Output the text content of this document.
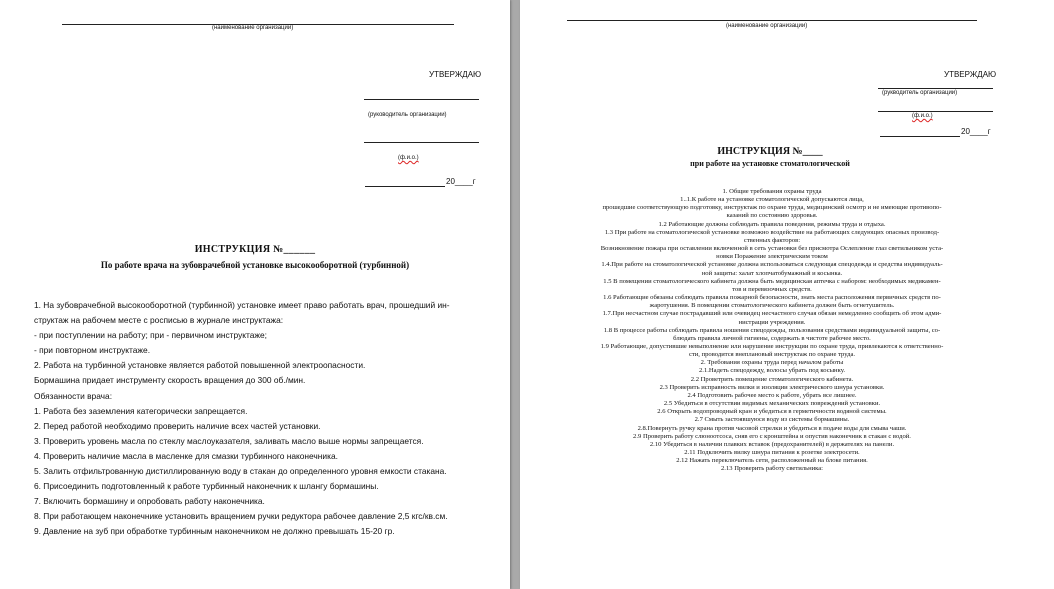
(наименование организации)
УТВЕРЖДАЮ
(руководитель организации)
(ф.и.о.)
20____г
ИНСТРУКЦИЯ №______
По работе врача на зубоврачебной установке высокооборотной (турбинной)
1. На зубоврачебной высокооборотной (турбинной) установке имеет право работать врач, прошедший ин-
структаж на рабочем месте с росписью в журнале инструктажа:
- при поступлении на работу; при - первичном инструктаже;
- при повторном инструктаже.
2. Работа на турбинной установке является работой повышенной электроопасности.
Бормашина придает инструменту скорость вращения до 300 об./мин.
Обязанности врача:
1. Работа без заземления категорически запрещается.
2. Перед работой необходимо проверить наличие всех частей установки.
3. Проверить уровень масла по стеклу маслоуказателя, заливать масло выше нормы запрещается.
4. Проверить наличие масла в масленке для смазки турбинного наконечника.
5. Залить отфильтрованную дистиллированную воду в стакан до определенного уровня емкости стакана.
6. Присоединить подготовленный к работе турбинный наконечник к шлангу бормашины.
7. Включить бормашину и опробовать работу наконечника.
8. При работающем наконечнике установить вращением ручки редуктора рабочее давление 2,5 кгс/кв.см.
9. Давление на зуб при обработке турбинным наконечником не должно превышать 15-20 гр.
(наименование организации)
УТВЕРЖДАЮ
(рукводитель организации)
(ф.и.о.)
20____г
ИНСТРУКЦИЯ №____
при работе на установке стоматологической
1. Общие требования охраны труда
1..1.К работе на установке стоматологической допускаются лица,
прошедшие соответствующую подготовку, инструктаж по охране труда, медицинский осмотр и не имеющие противопо-
казаний по состоянию здоровья.
1.2 Работающие должны соблюдать правила поведения, режимы труда и отдыха.
1.3 При работе на стоматологической установке возможно воздействие на работающих следующих опасных производ-
ственных факторов:
Возникновение пожара при оставлении включенной в сеть установки без присмотра Ослепление глаз светильником уста-
новки Поражение электрическим током
1.4.При работе на стоматологической установке должна использоваться следующая спецодежда и средства индивидуаль-
ной защиты: халат хлопчатобумажный и косынка.
1.5 В помещении стоматологического кабинета должна быть медицинская аптечка с набором: необходимых медикамен-
тов и перевязочных средств.
1.6 Работающие обязаны соблюдать правила пожарной безопасности, знать места расположения первичных средств по-
жаротушения. В помещении стоматологического кабинета должен быть огнетушитель.
1.7.При несчастном случае пострадавший или очевидец несчастного случая обязан немедленно сообщить об этом адми-
нистрации учреждения.
1.8 В процессе работы соблюдать правила ношения спецодежды, пользования средствами индивидуальной защиты, со-
блюдать правила личной гигиены, содержать в чистоте рабочее место.
1.9 Работающие, допустившие невыполнение или нарушение инструкции по охране труда, привлекаются к ответственно-
сти, проводится внеплановый инструктаж по охране труда.
2. Требования охраны труда перед началом работы
2.1.Надеть спецодежду, волосы убрать под косынку.
2.2 Проветрить помещение стоматологического кабинета.
2.3 Проверить исправность вилки и изоляции электрического шнура установки.
2.4 Подготовить рабочее место к работе, убрать все лишнее.
2.5 Убедиться в отсутствии видимых механических повреждений установки.
2.6 Открыть водопроводный кран и убедиться в герметичности водяной системы.
2.7 Смыть застоявшуюся воду из системы бормашины.
2.8.Повернуть ручку крана против часовой стрелки и убедиться в подаче воды для смыва чаши.
2.9 Проверить работу слюноотсоса, сняв его с кронштейна и опустив наконечник в стакан с водой.
2.10 Убедиться в наличии плавких вставок (предохранителей) в держателях на панели.
2.11 Подключить вилку шнура питания к розетке электросети.
2.12 Нажать переключатель сети, расположенный на блоке питания.
2.13 Проверить работу светильника:
